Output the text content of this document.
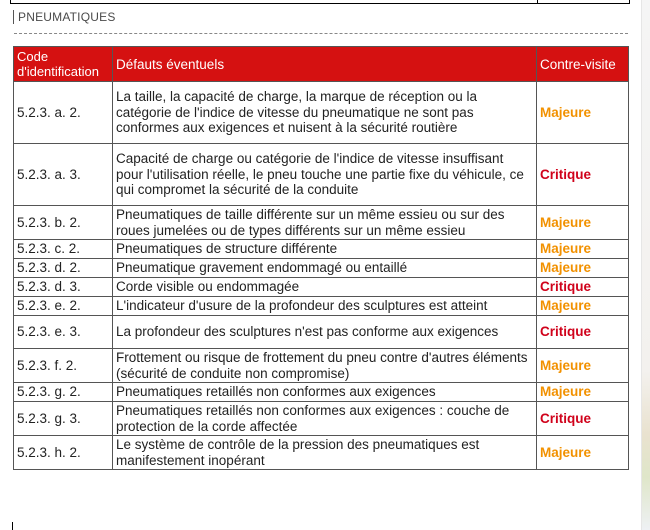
PNEUMATIQUES
Code d'identification	Défauts éventuels	Contre-visite
5.2.3. a. 2.	La taille, la capacité de charge, la marque de réception ou la catégorie de l'indice de vitesse du pneumatique ne sont pas conformes aux exigences et nuisent à la sécurité routière	Majeure
5.2.3. a. 3.	Capacité de charge ou catégorie de l'indice de vitesse insuffisant pour l'utilisation réelle, le pneu touche une partie fixe du véhicule, ce qui compromet la sécurité de la conduite	Critique
5.2.3. b. 2.	Pneumatiques de taille différente sur un même essieu ou sur des roues jumelées ou de types différents sur un même essieu	Majeure
5.2.3. c. 2.	Pneumatiques de structure différente	Majeure
5.2.3. d. 2.	Pneumatique gravement endommagé ou entaillé	Majeure
5.2.3. d. 3.	Corde visible ou endommagée	Critique
5.2.3. e. 2.	L'indicateur d'usure de la profondeur des sculptures est atteint	Majeure
5.2.3. e. 3.	La profondeur des sculptures n'est pas conforme aux exigences	Critique
5.2.3. f. 2.	Frottement ou risque de frottement du pneu contre d'autres éléments (sécurité de conduite non compromise)	Majeure
5.2.3. g. 2.	Pneumatiques retaillés non conformes aux exigences	Majeure
5.2.3. g. 3.	Pneumatiques retaillés non conformes aux exigences : couche de protection de la corde affectée	Critique
5.2.3. h. 2.	Le système de contrôle de la pression des pneumatiques est manifestement inopérant	Majeure
